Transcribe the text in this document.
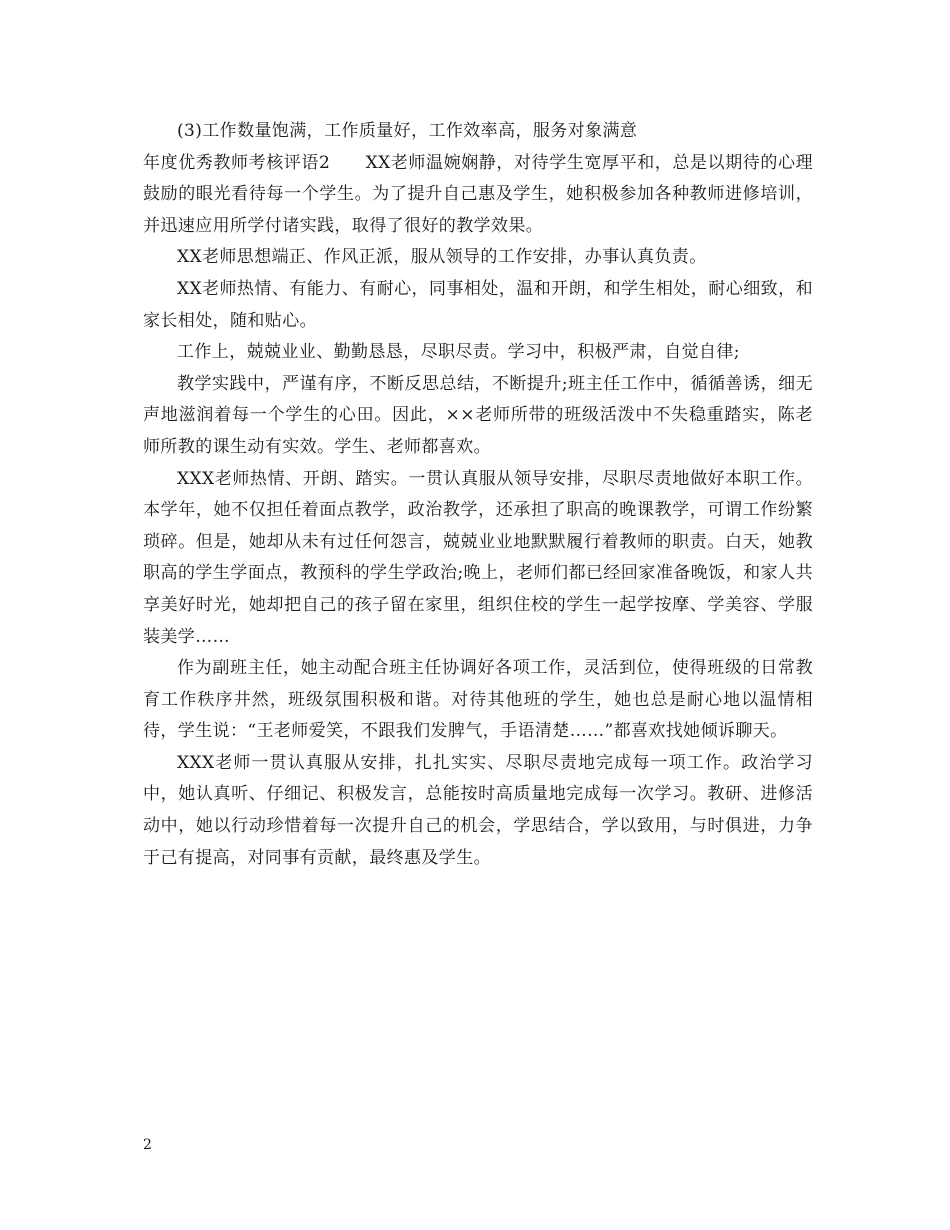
(3)工作数量饱满，工作质量好，工作效率高，服务对象满意

年度优秀教师考核评语2　　XX老师温婉娴静，对待学生宽厚平和，总是以期待的心理鼓励的眼光看待每一个学生。为了提升自己惠及学生，她积极参加各种教师进修培训，并迅速应用所学付诸实践，取得了很好的教学效果。

XX老师思想端正、作风正派，服从领导的工作安排，办事认真负责。

XX老师热情、有能力、有耐心，同事相处，温和开朗，和学生相处，耐心细致，和家长相处，随和贴心。

工作上，兢兢业业、勤勤恳恳，尽职尽责。学习中，积极严肃，自觉自律;

教学实践中，严谨有序，不断反思总结，不断提升;班主任工作中，循循善诱，细无声地滋润着每一个学生的心田。因此，××老师所带的班级活泼中不失稳重踏实，陈老师所教的课生动有实效。学生、老师都喜欢。

XXX老师热情、开朗、踏实。一贯认真服从领导安排，尽职尽责地做好本职工作。本学年，她不仅担任着面点教学，政治教学，还承担了职高的晚课教学，可谓工作纷繁琐碎。但是，她却从未有过任何怨言，兢兢业业地默默履行着教师的职责。白天，她教职高的学生学面点，教预科的学生学政治;晚上，老师们都已经回家准备晚饭，和家人共享美好时光，她却把自己的孩子留在家里，组织住校的学生一起学按摩、学美容、学服装美学……

作为副班主任，她主动配合班主任协调好各项工作，灵活到位，使得班级的日常教育工作秩序井然，班级氛围积极和谐。对待其他班的学生，她也总是耐心地以温情相待，学生说：“王老师爱笑，不跟我们发脾气，手语清楚……”都喜欢找她倾诉聊天。

XXX老师一贯认真服从安排，扎扎实实、尽职尽责地完成每一项工作。政治学习中，她认真听、仔细记、积极发言，总能按时高质量地完成每一次学习。教研、进修活动中，她以行动珍惜着每一次提升自己的机会，学思结合，学以致用，与时俱进，力争于己有提高，对同事有贡献，最终惠及学生。

2
